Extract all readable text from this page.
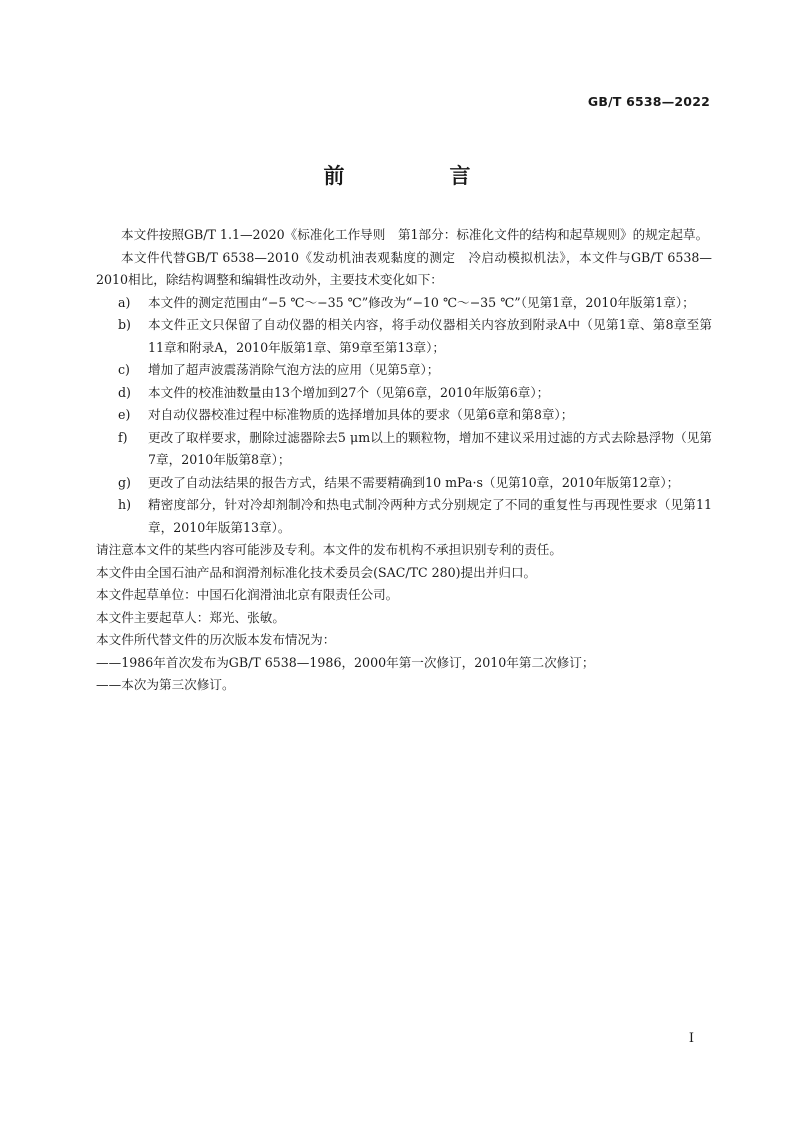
GB/T 6538—2022
前　言

本文件按照GB/T 1.1—2020《标准化工作导则　第1部分：标准化文件的结构和起草规则》的规定起草。

本文件代替GB/T 6538—2010《发动机油表观黏度的测定　冷启动模拟机法》，本文件与GB/T 6538—2010相比，除结构调整和编辑性改动外，主要技术变化如下：

a)	本文件的测定范围由“−5 ℃～−35 ℃”修改为“−10 ℃～−35 ℃”（见第1章，2010年版第1章）；
b)	本文件正文只保留了自动仪器的相关内容，将手动仪器相关内容放到附录A中（见第1章、第8章至第11章和附录A，2010年版第1章、第9章至第13章）；
c)	增加了超声波震荡消除气泡方法的应用（见第5章）；
d)	本文件的校准油数量由13个增加到27个（见第6章，2010年版第6章）；
e)	对自动仪器校准过程中标准物质的选择增加具体的要求（见第6章和第8章）；
f)	更改了取样要求，删除过滤器除去5 μm以上的颗粒物，增加不建议采用过滤的方式去除悬浮物（见第7章，2010年版第8章）；
g)	更改了自动法结果的报告方式，结果不需要精确到10 mPa·s（见第10章，2010年版第12章）；
h)	精密度部分，针对冷却剂制冷和热电式制冷两种方式分别规定了不同的重复性与再现性要求（见第11章，2010年版第13章）。

请注意本文件的某些内容可能涉及专利。本文件的发布机构不承担识别专利的责任。

本文件由全国石油产品和润滑剂标准化技术委员会(SAC/TC 280)提出并归口。

本文件起草单位：中国石化润滑油北京有限责任公司。

本文件主要起草人：郑光、张敏。

本文件所代替文件的历次版本发布情况为：

——1986年首次发布为GB/T 6538—1986，2000年第一次修订，2010年第二次修订；

——本次为第三次修订。

I
